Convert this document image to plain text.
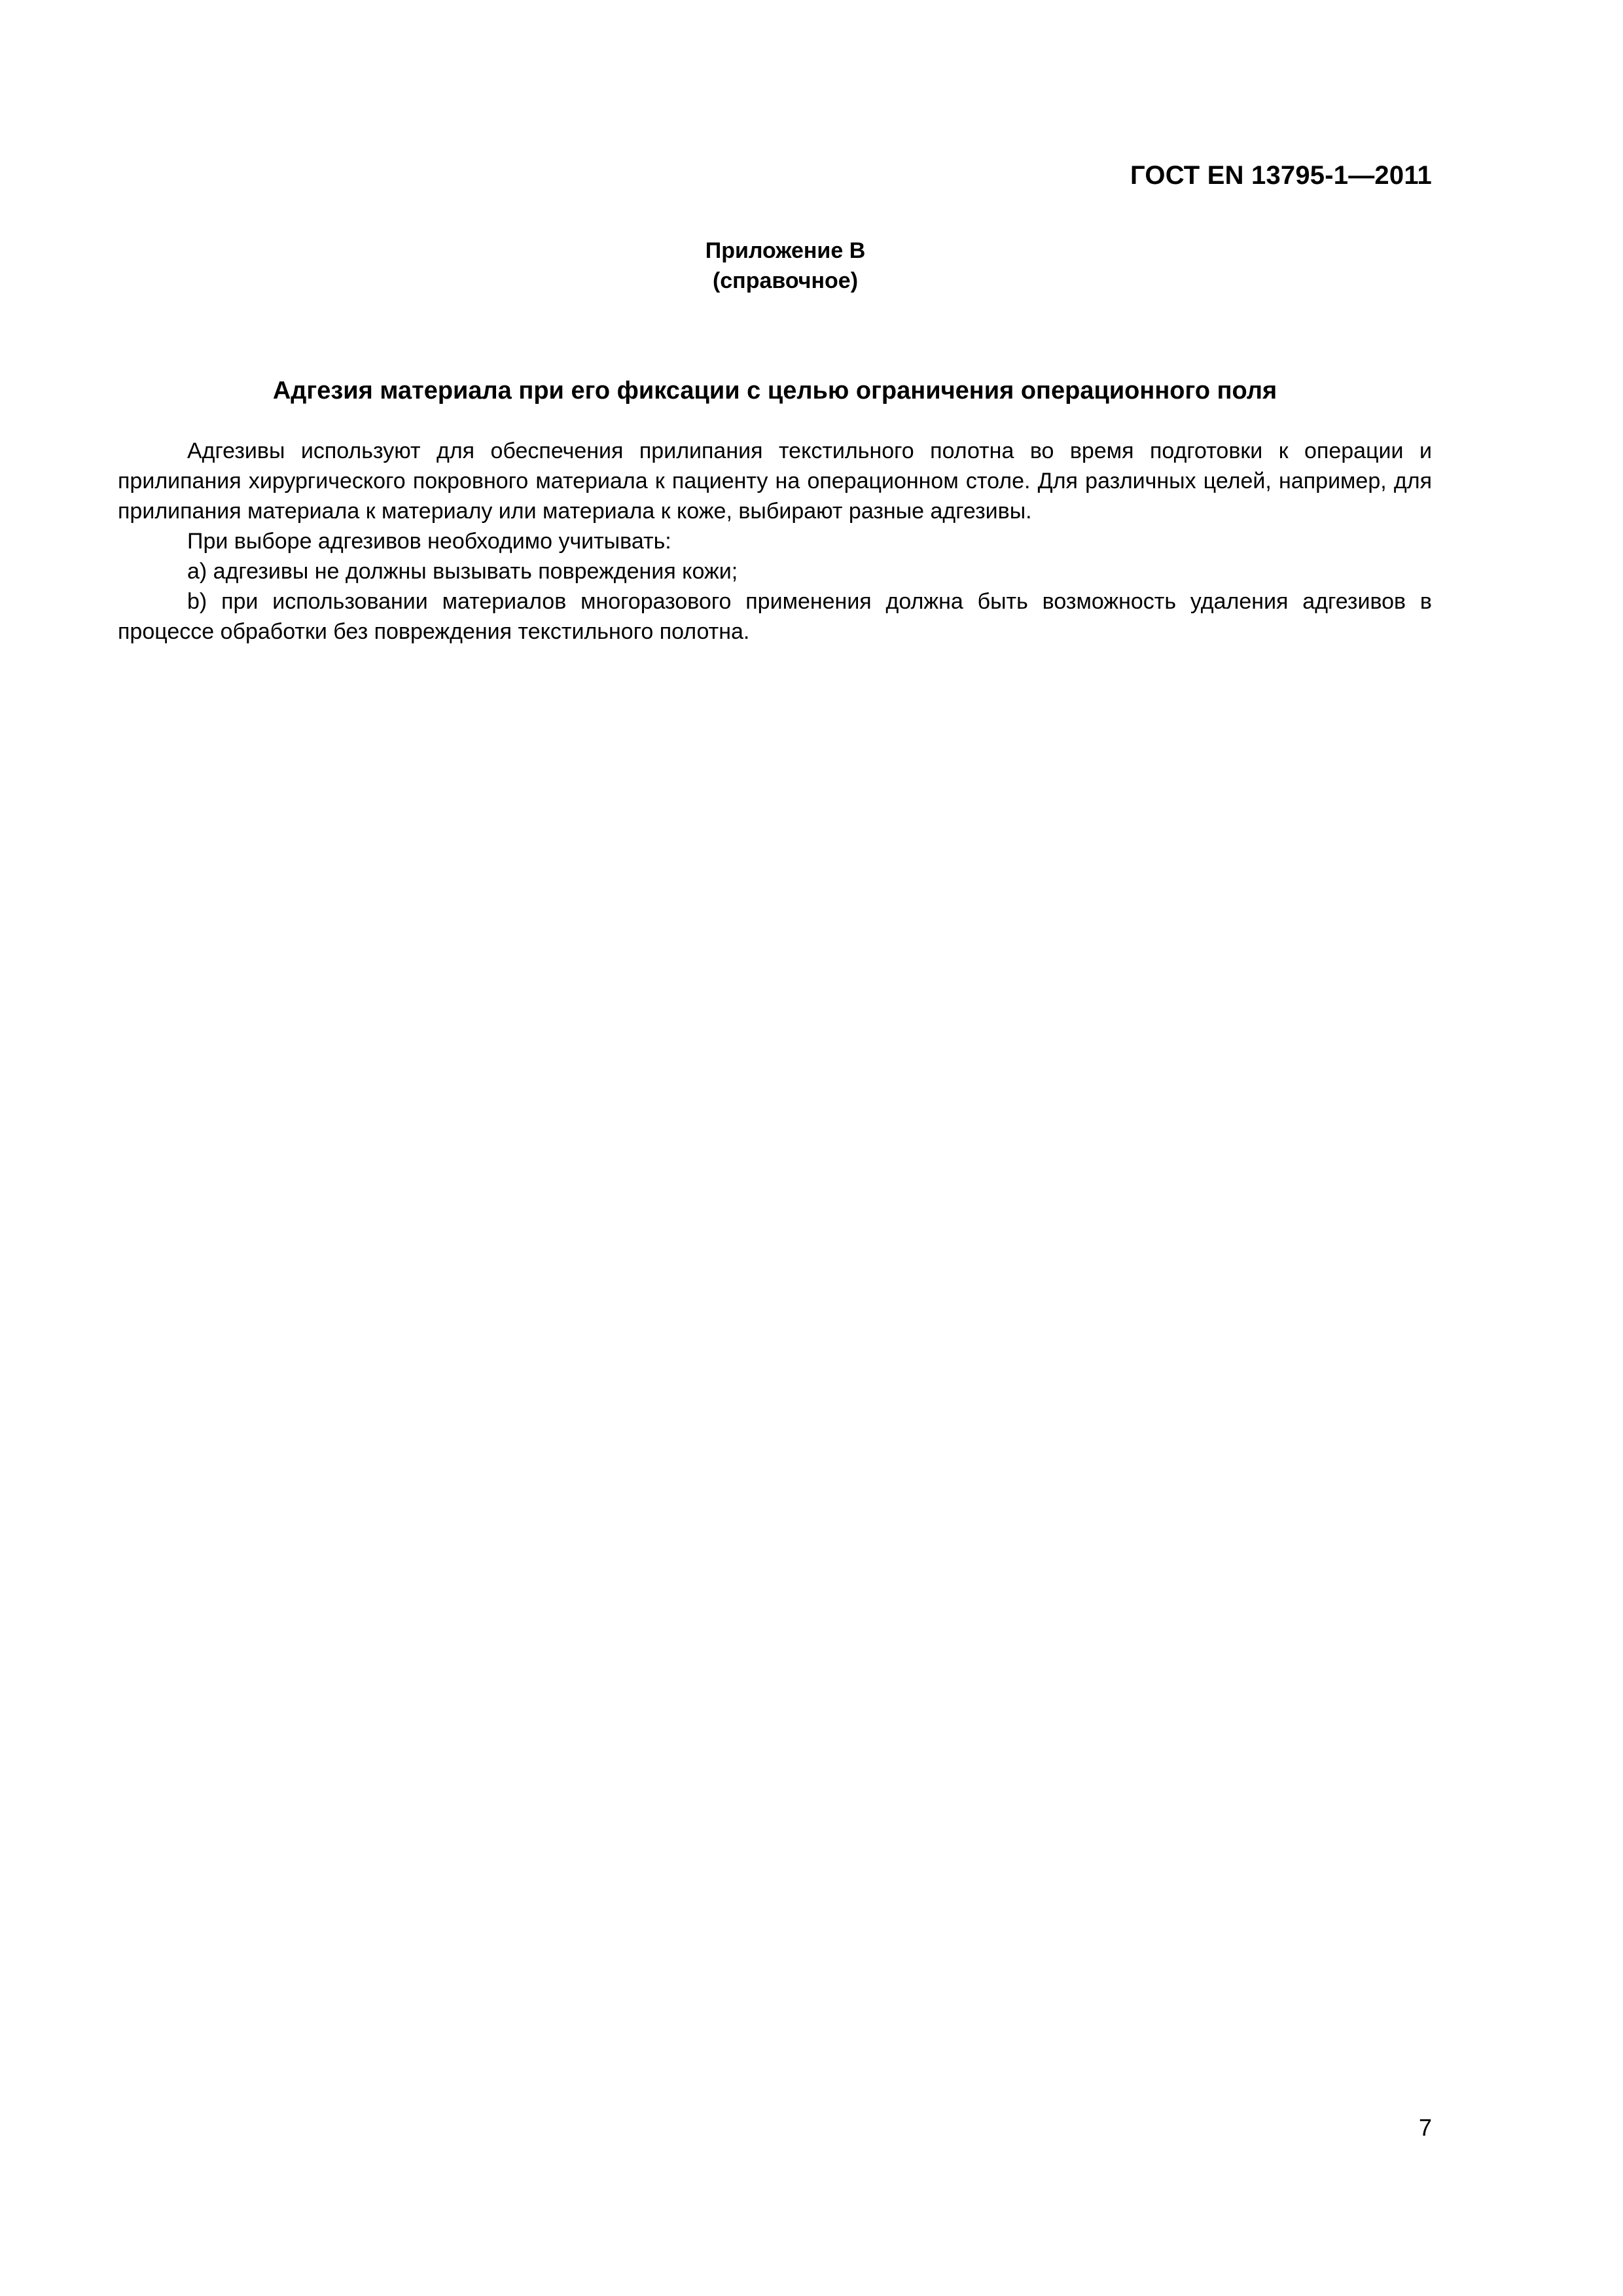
ГОСТ EN 13795-1—2011
Приложение B
(справочное)
Адгезия материала при его фиксации с целью ограничения операционного поля

Адгезивы используют для обеспечения прилипания текстильного полотна во время подготовки к операции и прилипания хирургического покровного материала к пациенту на операционном столе. Для различных целей, например, для прилипания материала к материалу или материала к коже, выбирают разные адгезивы.

При выборе адгезивов необходимо учитывать:

а) адгезивы не должны вызывать повреждения кожи;

b) при использовании материалов многоразового применения должна быть возможность удаления адгезивов в процессе обработки без повреждения текстильного полотна.

7
